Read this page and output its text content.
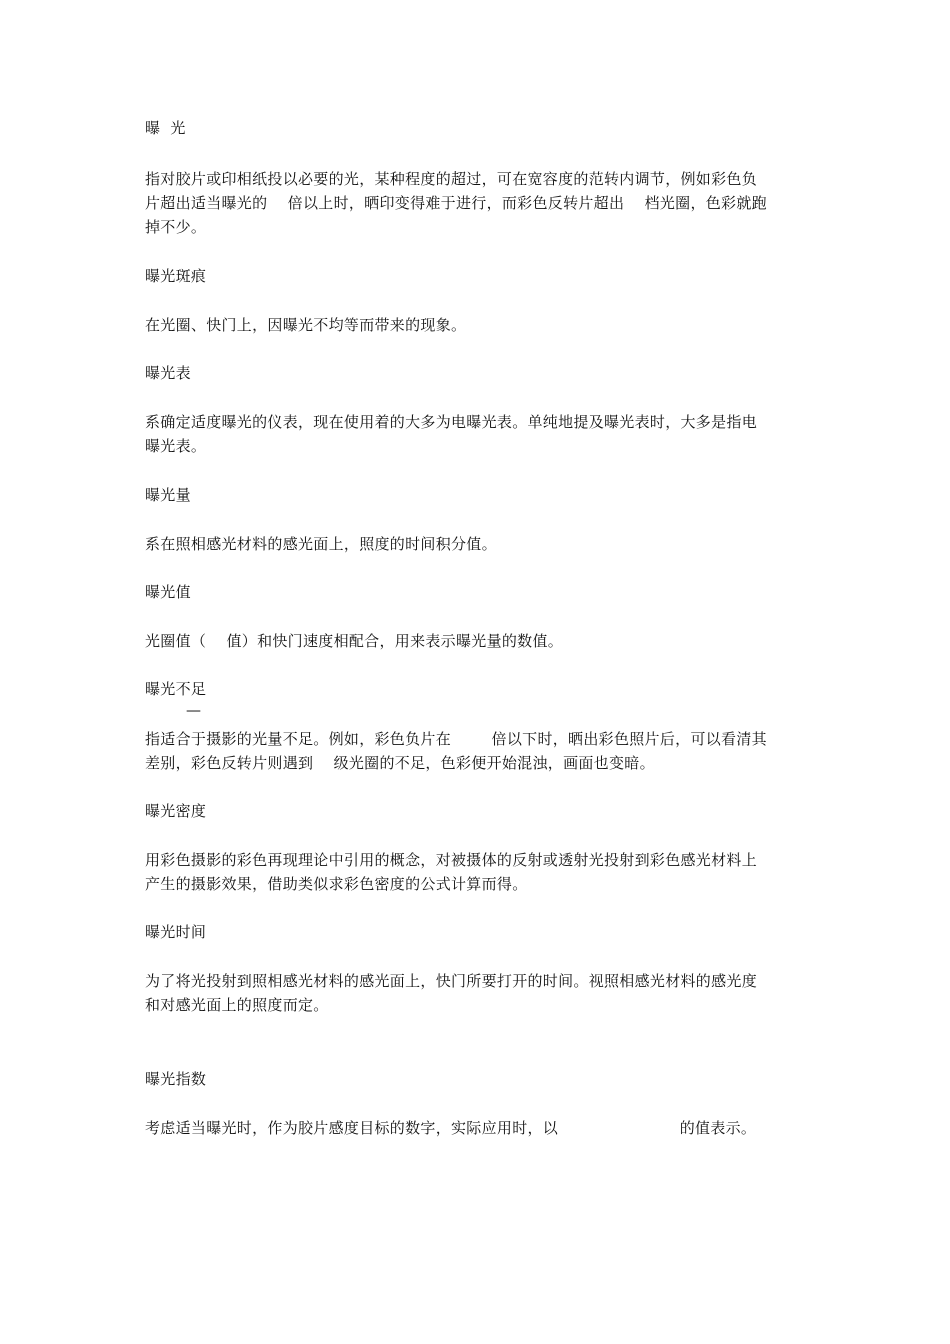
曝  光
指对胶片或印相纸投以必要的光，某种程度的超过，可在宽容度的范转内调节，例如彩色负
片超出适当曝光的    倍以上时，晒印变得难于进行，而彩色反转片超出    档光圈，色彩就跑
掉不少。
曝光斑痕
在光圈、快门上，因曝光不均等而带来的现象。
曝光表
系确定适度曝光的仪表，现在使用着的大多为电曝光表。单纯地提及曝光表时，大多是指电
曝光表。
曝光量
系在照相感光材料的感光面上，照度的时间积分值。
曝光值
光圈值（    值）和快门速度相配合，用来表示曝光量的数值。
曝光不足
—
指适合于摄影的光量不足。例如，彩色负片在        倍以下时，晒出彩色照片后，可以看清其
差别，彩色反转片则遇到    级光圈的不足，色彩便开始混浊，画面也变暗。
曝光密度
用彩色摄影的彩色再现理论中引用的概念，对被摄体的反射或透射光投射到彩色感光材料上
产生的摄影效果，借助类似求彩色密度的公式计算而得。
曝光时间
为了将光投射到照相感光材料的感光面上，快门所要打开的时间。视照相感光材料的感光度
和对感光面上的照度而定。
曝光指数
考虑适当曝光时，作为胶片感度目标的数字，实际应用时，以                        的值表示。
